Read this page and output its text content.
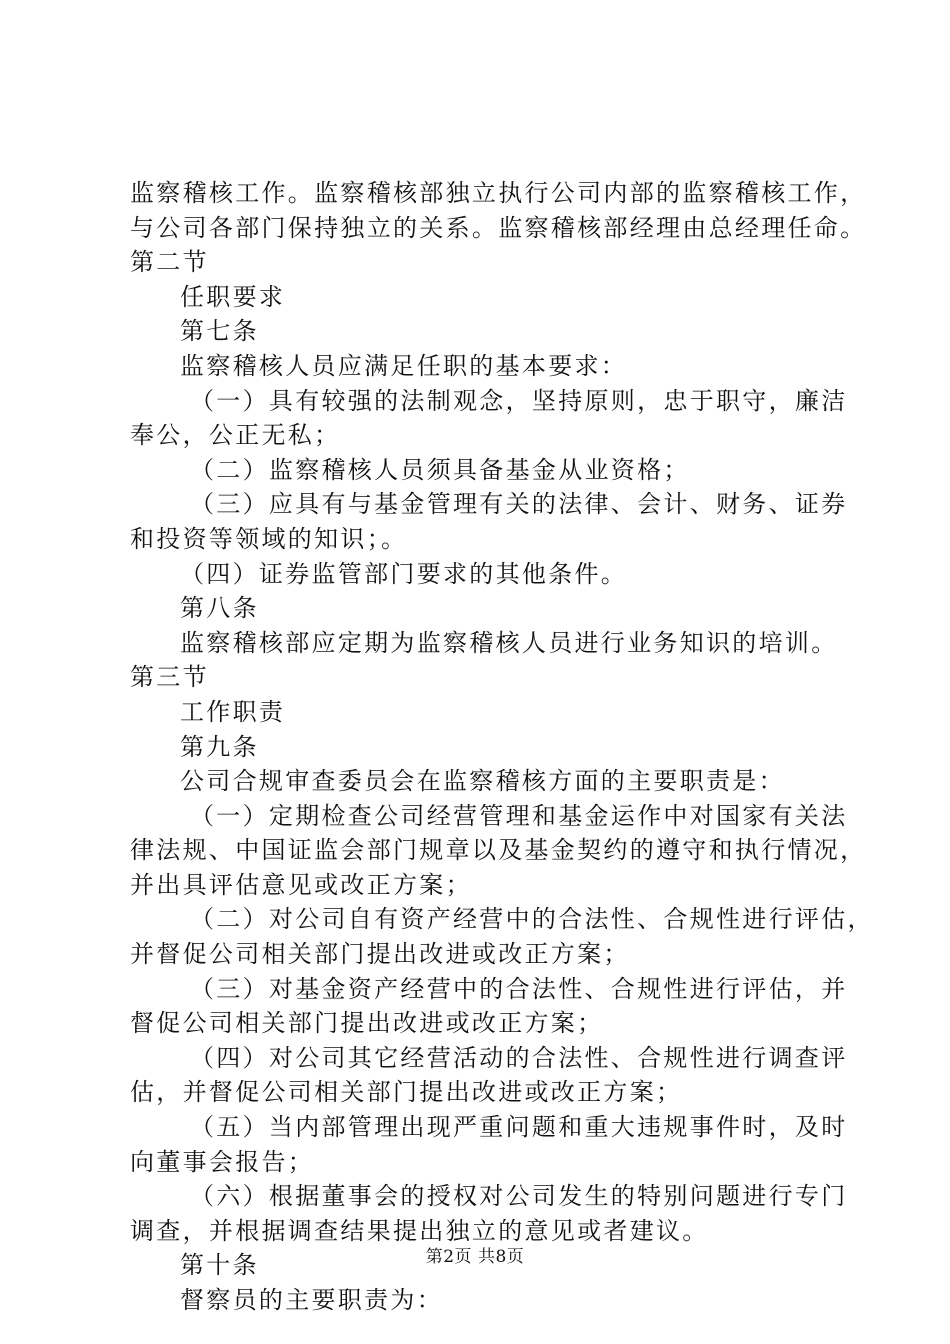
监察稽核工作。监察稽核部独立执行公司内部的监察稽核工作，
与公司各部门保持独立的关系。监察稽核部经理由总经理任命。
第二节
任职要求
第七条
监察稽核人员应满足任职的基本要求：
（一）具有较强的法制观念，坚持原则，忠于职守，廉洁
奉公，公正无私；
（二）监察稽核人员须具备基金从业资格；
（三）应具有与基金管理有关的法律、会计、财务、证券
和投资等领域的知识；。
（四）证券监管部门要求的其他条件。
第八条
监察稽核部应定期为监察稽核人员进行业务知识的培训。
第三节
工作职责
第九条
公司合规审查委员会在监察稽核方面的主要职责是：
（一）定期检查公司经营管理和基金运作中对国家有关法
律法规、中国证监会部门规章以及基金契约的遵守和执行情况，
并出具评估意见或改正方案；
（二）对公司自有资产经营中的合法性、合规性进行评估，
并督促公司相关部门提出改进或改正方案；
（三）对基金资产经营中的合法性、合规性进行评估，并
督促公司相关部门提出改进或改正方案；
（四）对公司其它经营活动的合法性、合规性进行调查评
估，并督促公司相关部门提出改进或改正方案；
（五）当内部管理出现严重问题和重大违规事件时，及时
向董事会报告；
（六）根据董事会的授权对公司发生的特别问题进行专门
调查，并根据调查结果提出独立的意见或者建议。
第十条
督察员的主要职责为：
第2页 共8页
